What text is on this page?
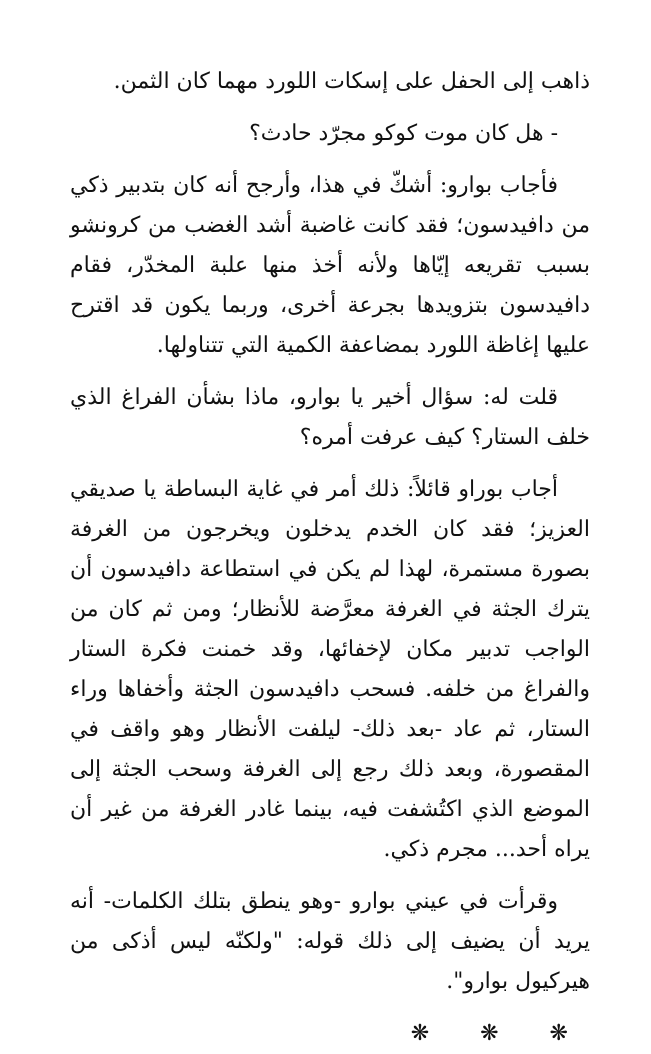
ذاهب إلى الحفل على إسكات اللورد مهما كان الثمن.

- هل كان موت كوكو مجرّد حادث؟

فأجاب بوارو: أشكّ في هذا، وأرجح أنه كان بتدبير ذكي من دافيدسون؛ فقد كانت غاضبة أشد الغضب من كرونشو بسبب تقريعه إيّاها ولأنه أخذ منها علبة المخدّر، فقام دافيدسون بتزويدها بجرعة أخرى، وربما يكون قد اقترح عليها إغاظة اللورد بمضاعفة الكمية التي تتناولها.

قلت له: سؤال أخير يا بوارو، ماذا بشأن الفراغ الذي خلف الستار؟ كيف عرفت أمره؟

أجاب بوراو قائلاً: ذلك أمر في غاية البساطة يا صديقي العزيز؛ فقد كان الخدم يدخلون ويخرجون من الغرفة بصورة مستمرة، لهذا لم يكن في استطاعة دافيدسون أن يترك الجثة في الغرفة معرَّضة للأنظار؛ ومن ثم كان من الواجب تدبير مكان لإخفائها، وقد خمنت فكرة الستار والفراغ من خلفه. فسحب دافيدسون الجثة وأخفاها وراء الستار، ثم عاد -بعد ذلك- ليلفت الأنظار وهو واقف في المقصورة، وبعد ذلك رجع إلى الغرفة وسحب الجثة إلى الموضع الذي اكتُشفت فيه، بينما غادر الغرفة من غير أن يراه أحد... مجرم ذكي.

وقرأت في عيني بوارو -وهو ينطق بتلك الكلمات- أنه يريد أن يضيف إلى ذلك قوله: "ولكنّه ليس أذكى من هيركيول بوارو".

❋ ❋ ❋
